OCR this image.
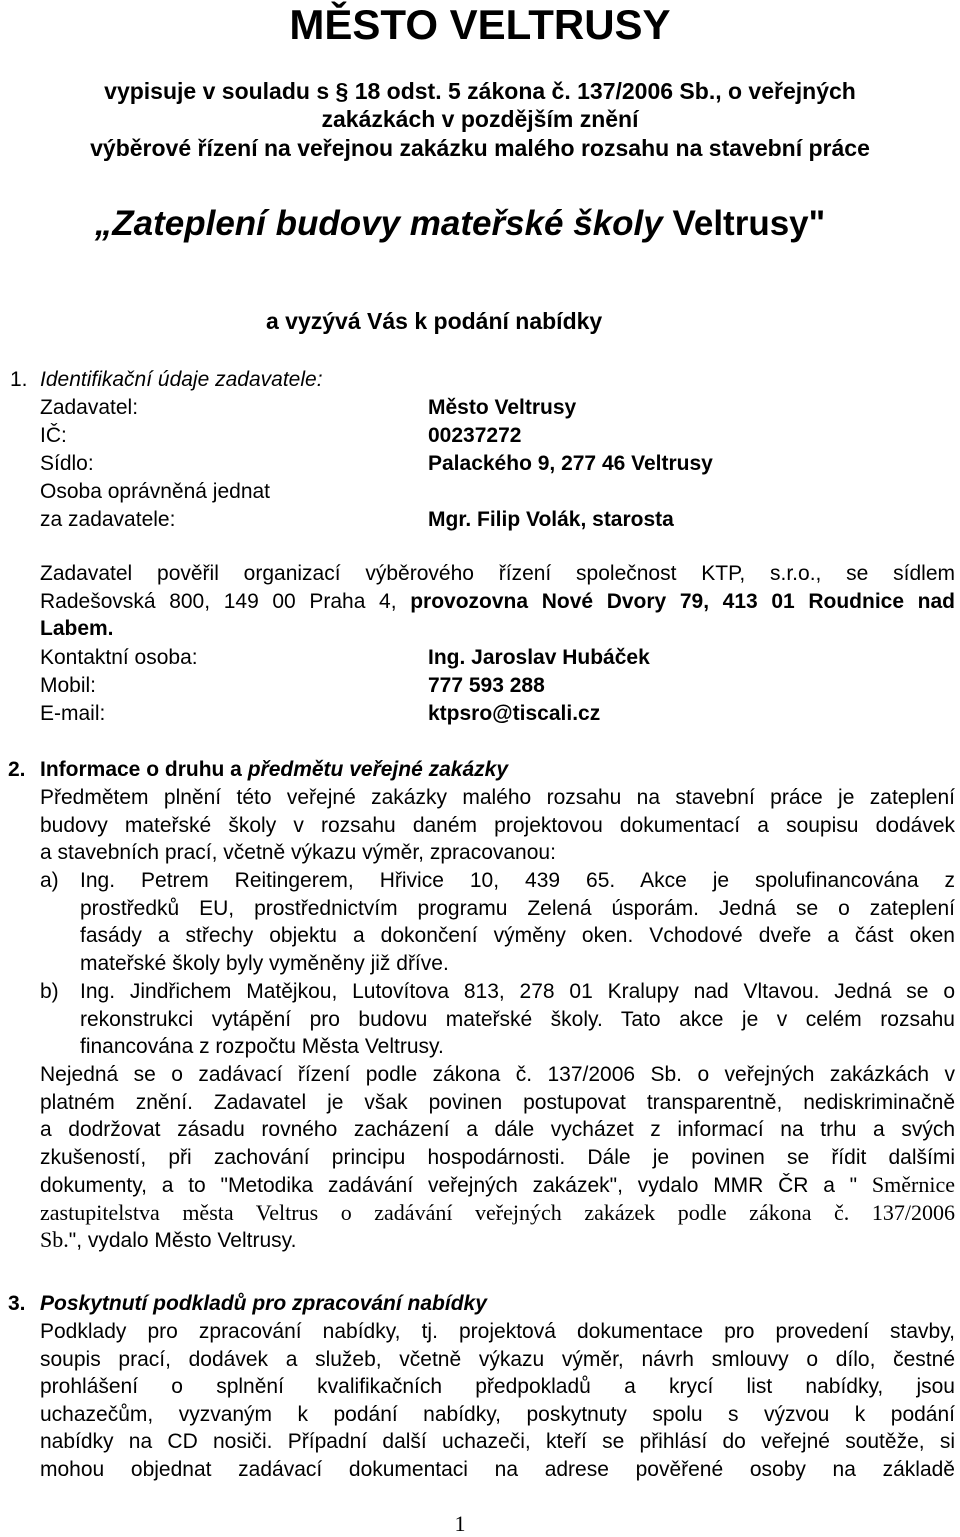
MĚSTO VELTRUSY
vypisuje v souladu s § 18 odst. 5 zákona č. 137/2006 Sb., o veřejných
zakázkách v pozdějším znění
výběrové řízení na veřejnou zakázku malého rozsahu na stavební práce
„Zateplení budovy mateřské školy Veltrusy"
a vyzývá Vás k podání nabídky
1. Identifikační údaje zadavatele:
Zadavatel:	Město Veltrusy
IČ:	00237272
Sídlo:	Palackého 9, 277 46 Veltrusy
Osoba oprávněná jednat
za zadavatele:	Mgr. Filip Volák, starosta
Zadavatel pověřil organizací výběrového řízení společnost KTP, s.r.o., se sídlem
Radešovská 800, 149 00 Praha 4, provozovna Nové Dvory 79, 413 01 Roudnice nad
Labem.
Kontaktní osoba:	Ing. Jaroslav Hubáček
Mobil:	777 593 288
E-mail:	ktpsro@tiscali.cz
2. Informace o druhu a předmětu veřejné zakázky
Předmětem plnění této veřejné zakázky malého rozsahu na stavební práce je zateplení
budovy mateřské školy v rozsahu daném projektovou dokumentací a soupisu dodávek
a stavebních prací, včetně výkazu výměr, zpracovanou:
a) Ing. Petrem Reitingerem, Hřivice 10, 439 65. Akce je spolufinancována z
prostředků EU, prostřednictvím programu Zelená úsporám. Jedná se o zateplení
fasády a střechy objektu a dokončení výměny oken. Vchodové dveře a část oken
mateřské školy byly vyměněny již dříve.
b) Ing. Jindřichem Matějkou, Lutovítova 813, 278 01 Kralupy nad Vltavou. Jedná se o
rekonstrukci vytápění pro budovu mateřské školy. Tato akce je v celém rozsahu
financována z rozpočtu Města Veltrusy.
Nejedná se o zadávací řízení podle zákona č. 137/2006 Sb. o veřejných zakázkách v
platném znění. Zadavatel je však povinen postupovat transparentně, nediskriminačně
a dodržovat zásadu rovného zacházení a dále vycházet z informací na trhu a svých
zkušeností, při zachování principu hospodárnosti. Dále je povinen se řídit dalšími
dokumenty, a to "Metodika zadávání veřejných zakázek", vydalo MMR ČR a " Směrnice
zastupitelstva města Veltrus o zadávání veřejných zakázek podle zákona č. 137/2006
Sb.", vydalo Město Veltrusy.
3. Poskytnutí podkladů pro zpracování nabídky
Podklady pro zpracování nabídky, tj. projektová dokumentace pro provedení stavby,
soupis prací, dodávek a služeb, včetně výkazu výměr, návrh smlouvy o dílo, čestné
prohlášení o splnění kvalifikačních předpokladů a krycí list nabídky, jsou
uchazečům, vyzvaným k podání nabídky, poskytnuty spolu s výzvou k podání
nabídky na CD nosiči. Případní další uchazeči, kteří se přihlásí do veřejné soutěže, si
mohou objednat zadávací dokumentaci na adrese pověřené osoby na základě
1
